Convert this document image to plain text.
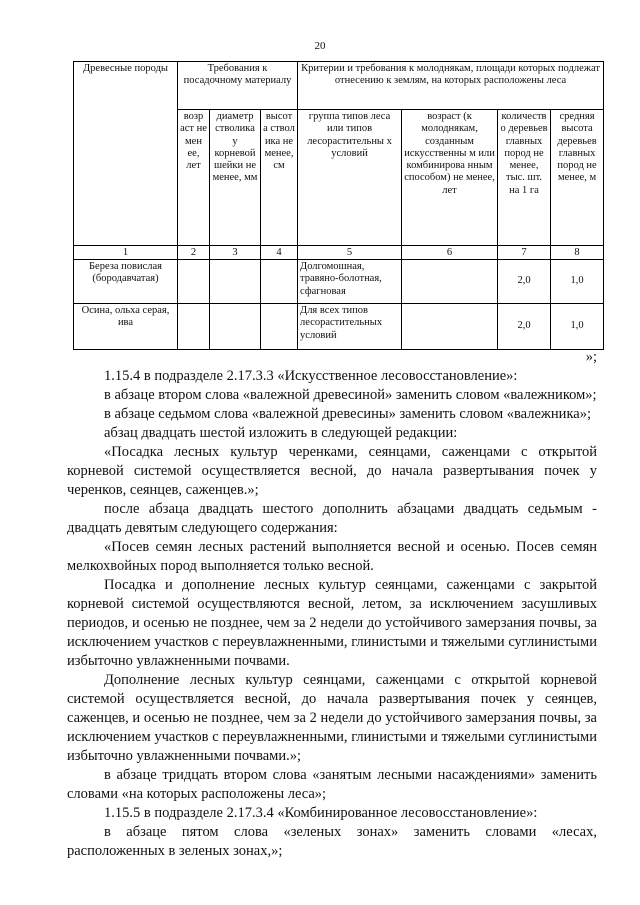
20
Древесные породы	Требования к посадочному материалу			Критерии и требования к молоднякам, площади которых подлежат отнесению к землям, на которых расположены леса			
	возр аст не мен ее, лет	диаметр стволика у корневой шейки не менее, мм	высот а ствол ика не менее, см	группа типов леса или типов лесорастительны х условий	возраст (к молоднякам, созданным искусственны м или комбинирова нным способом) не менее, лет	количеств о деревьев главных пород не менее, тыс. шт. на 1 га	средняя высота деревьев главных пород не менее, м
1	2	3	4	5	6	7	8
Береза повислая (бородавчатая)				Долгомошная, травяно-болотная, сфагновая		2,0	1,0
Осина, ольха серая, ива				Для всех типов лесорастительных условий		2,0	1,0

»;

1.15.4 в подразделе 2.17.3.3 «Искусственное лесовосстановление»:

в абзаце втором слова «валежной древесиной» заменить словом «валежником»;

в абзаце седьмом слова «валежной древесины» заменить словом «валежника»;

абзац двадцать шестой изложить в следующей редакции:

«Посадка лесных культур черенками, сеянцами, саженцами с открытой корневой системой осуществляется весной, до начала развертывания почек у черенков, сеянцев, саженцев.»;

после абзаца двадцать шестого дополнить абзацами двадцать седьмым - двадцать девятым следующего содержания:

«Посев семян лесных растений выполняется весной и осенью. Посев семян мелкохвойных пород выполняется только весной.

Посадка и дополнение лесных культур сеянцами, саженцами с закрытой корневой системой осуществляются весной, летом, за исключением засушливых периодов, и осенью не позднее, чем за 2 недели до устойчивого замерзания почвы, за исключением участков с переувлажненными, глинистыми и тяжелыми суглинистыми избыточно увлажненными почвами.

Дополнение лесных культур сеянцами, саженцами с открытой корневой системой осуществляется весной, до начала развертывания почек у сеянцев, саженцев, и осенью не позднее, чем за 2 недели до устойчивого замерзания почвы, за исключением участков с переувлажненными, глинистыми и тяжелыми суглинистыми избыточно увлажненными почвами.»;

в абзаце тридцать втором слова «занятым лесными насаждениями» заменить словами «на которых расположены леса»;

1.15.5 в подразделе 2.17.3.4 «Комбинированное лесовосстановление»:

в абзаце пятом слова «зеленых зонах» заменить словами «лесах, расположенных в зеленых зонах,»;
